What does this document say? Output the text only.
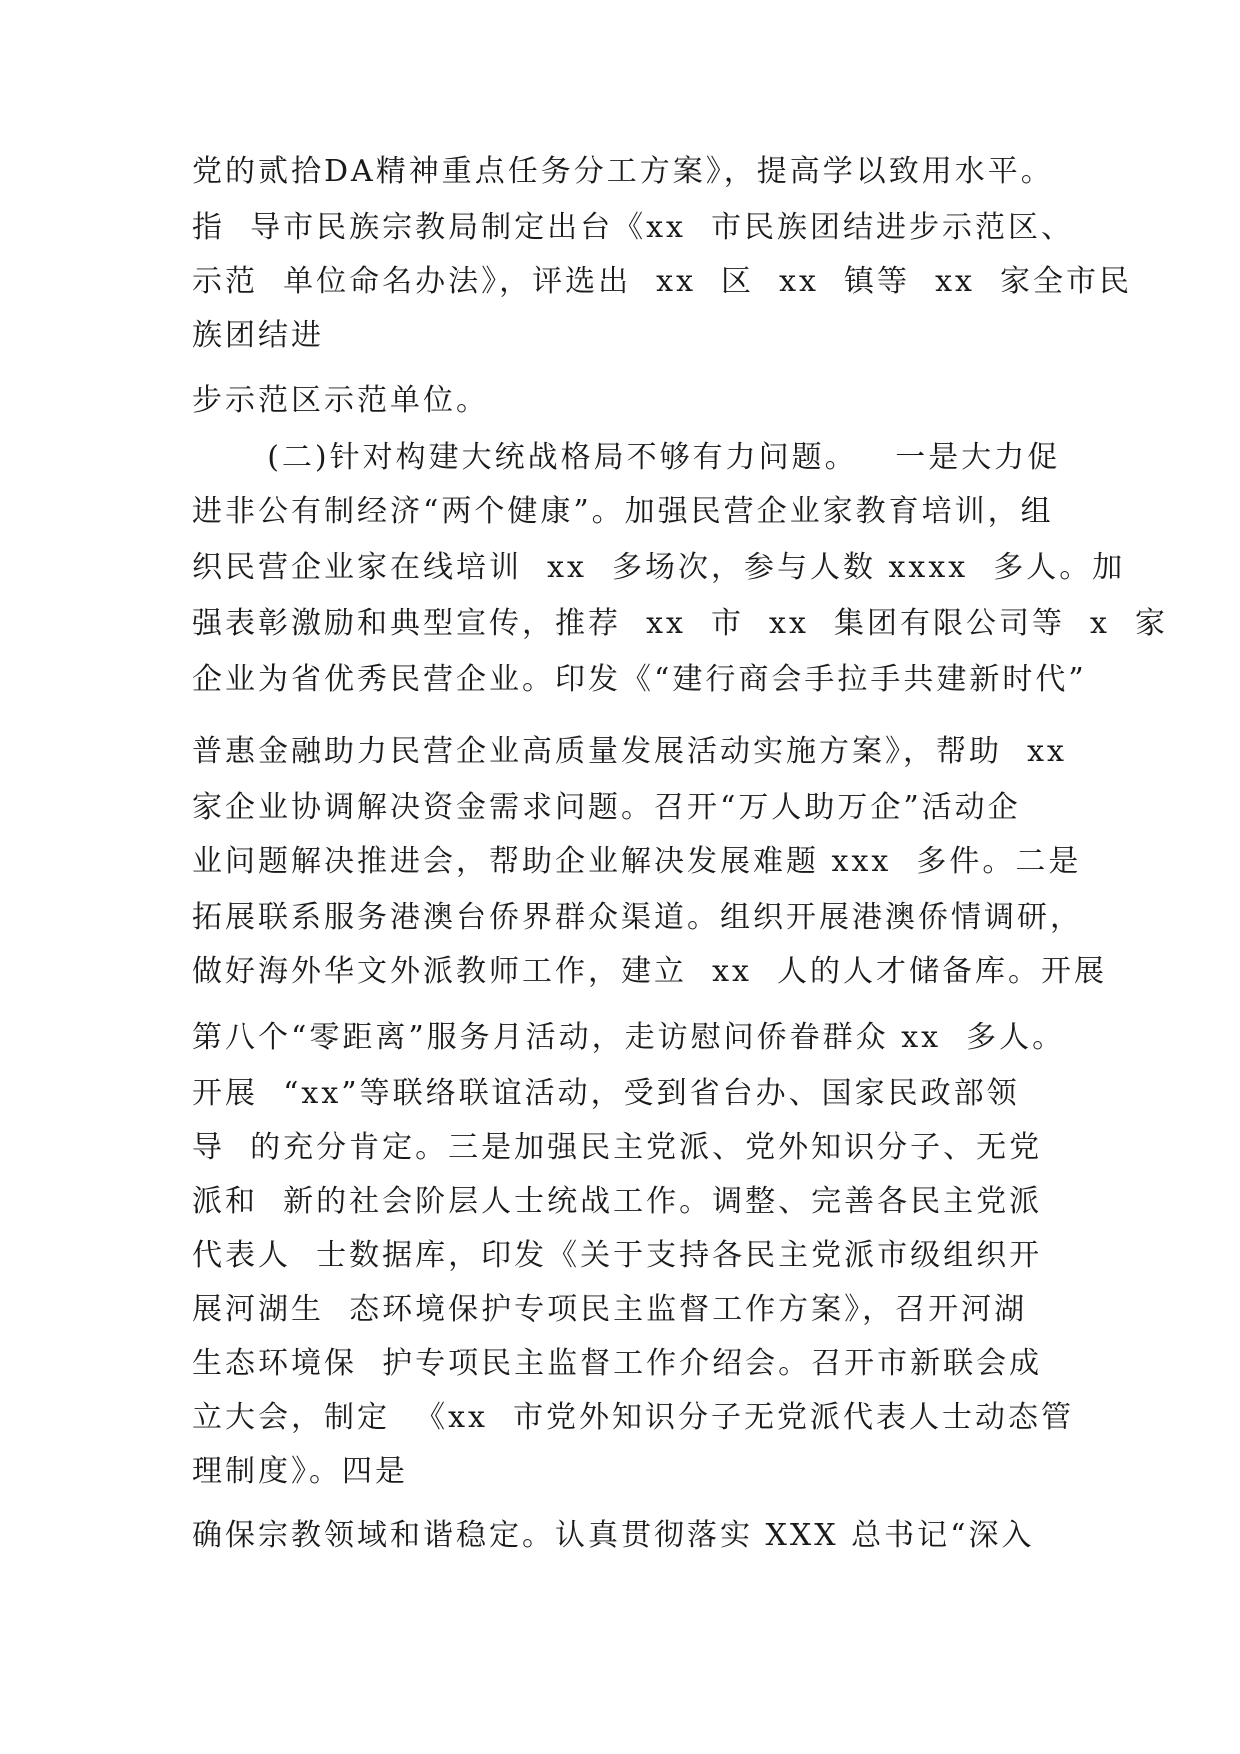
党的贰拾DA精神重点任务分工方案》，提高学以致用水平。
指  导市民族宗教局制定出台《xx  市民族团结进步示范区、
示范  单位命名办法》，评选出  xx  区  xx  镇等  xx  家全市民
族团结进
步示范区示范单位。
(二)针对构建大统战格局不够有力问题。   一是大力促
进非公有制经济“两个健康”。加强民营企业家教育培训，组
织民营企业家在线培训  xx  多场次，参与人数 xxxx  多人。加
强表彰激励和典型宣传，推荐  xx  市  xx  集团有限公司等  x  家
企业为省优秀民营企业。印发《“建行商会手拉手共建新时代”
普惠金融助力民营企业高质量发展活动实施方案》，帮助  xx
家企业协调解决资金需求问题。召开“万人助万企”活动企
业问题解决推进会，帮助企业解决发展难题 xxx  多件。二是
拓展联系服务港澳台侨界群众渠道。组织开展港澳侨情调研，
做好海外华文外派教师工作，建立  xx  人的人才储备库。开展
第八个“零距离”服务月活动，走访慰问侨眷群众 xx  多人。
开展  “xx”等联络联谊活动，受到省台办、国家民政部领
导  的充分肯定。三是加强民主党派、党外知识分子、无党
派和  新的社会阶层人士统战工作。调整、完善各民主党派
代表人  士数据库，印发《关于支持各民主党派市级组织开
展河湖生  态环境保护专项民主监督工作方案》，召开河湖
生态环境保  护专项民主监督工作介绍会。召开市新联会成
立大会，制定  《xx  市党外知识分子无党派代表人士动态管
理制度》。四是
确保宗教领域和谐稳定。认真贯彻落实 XXX 总书记“深入
